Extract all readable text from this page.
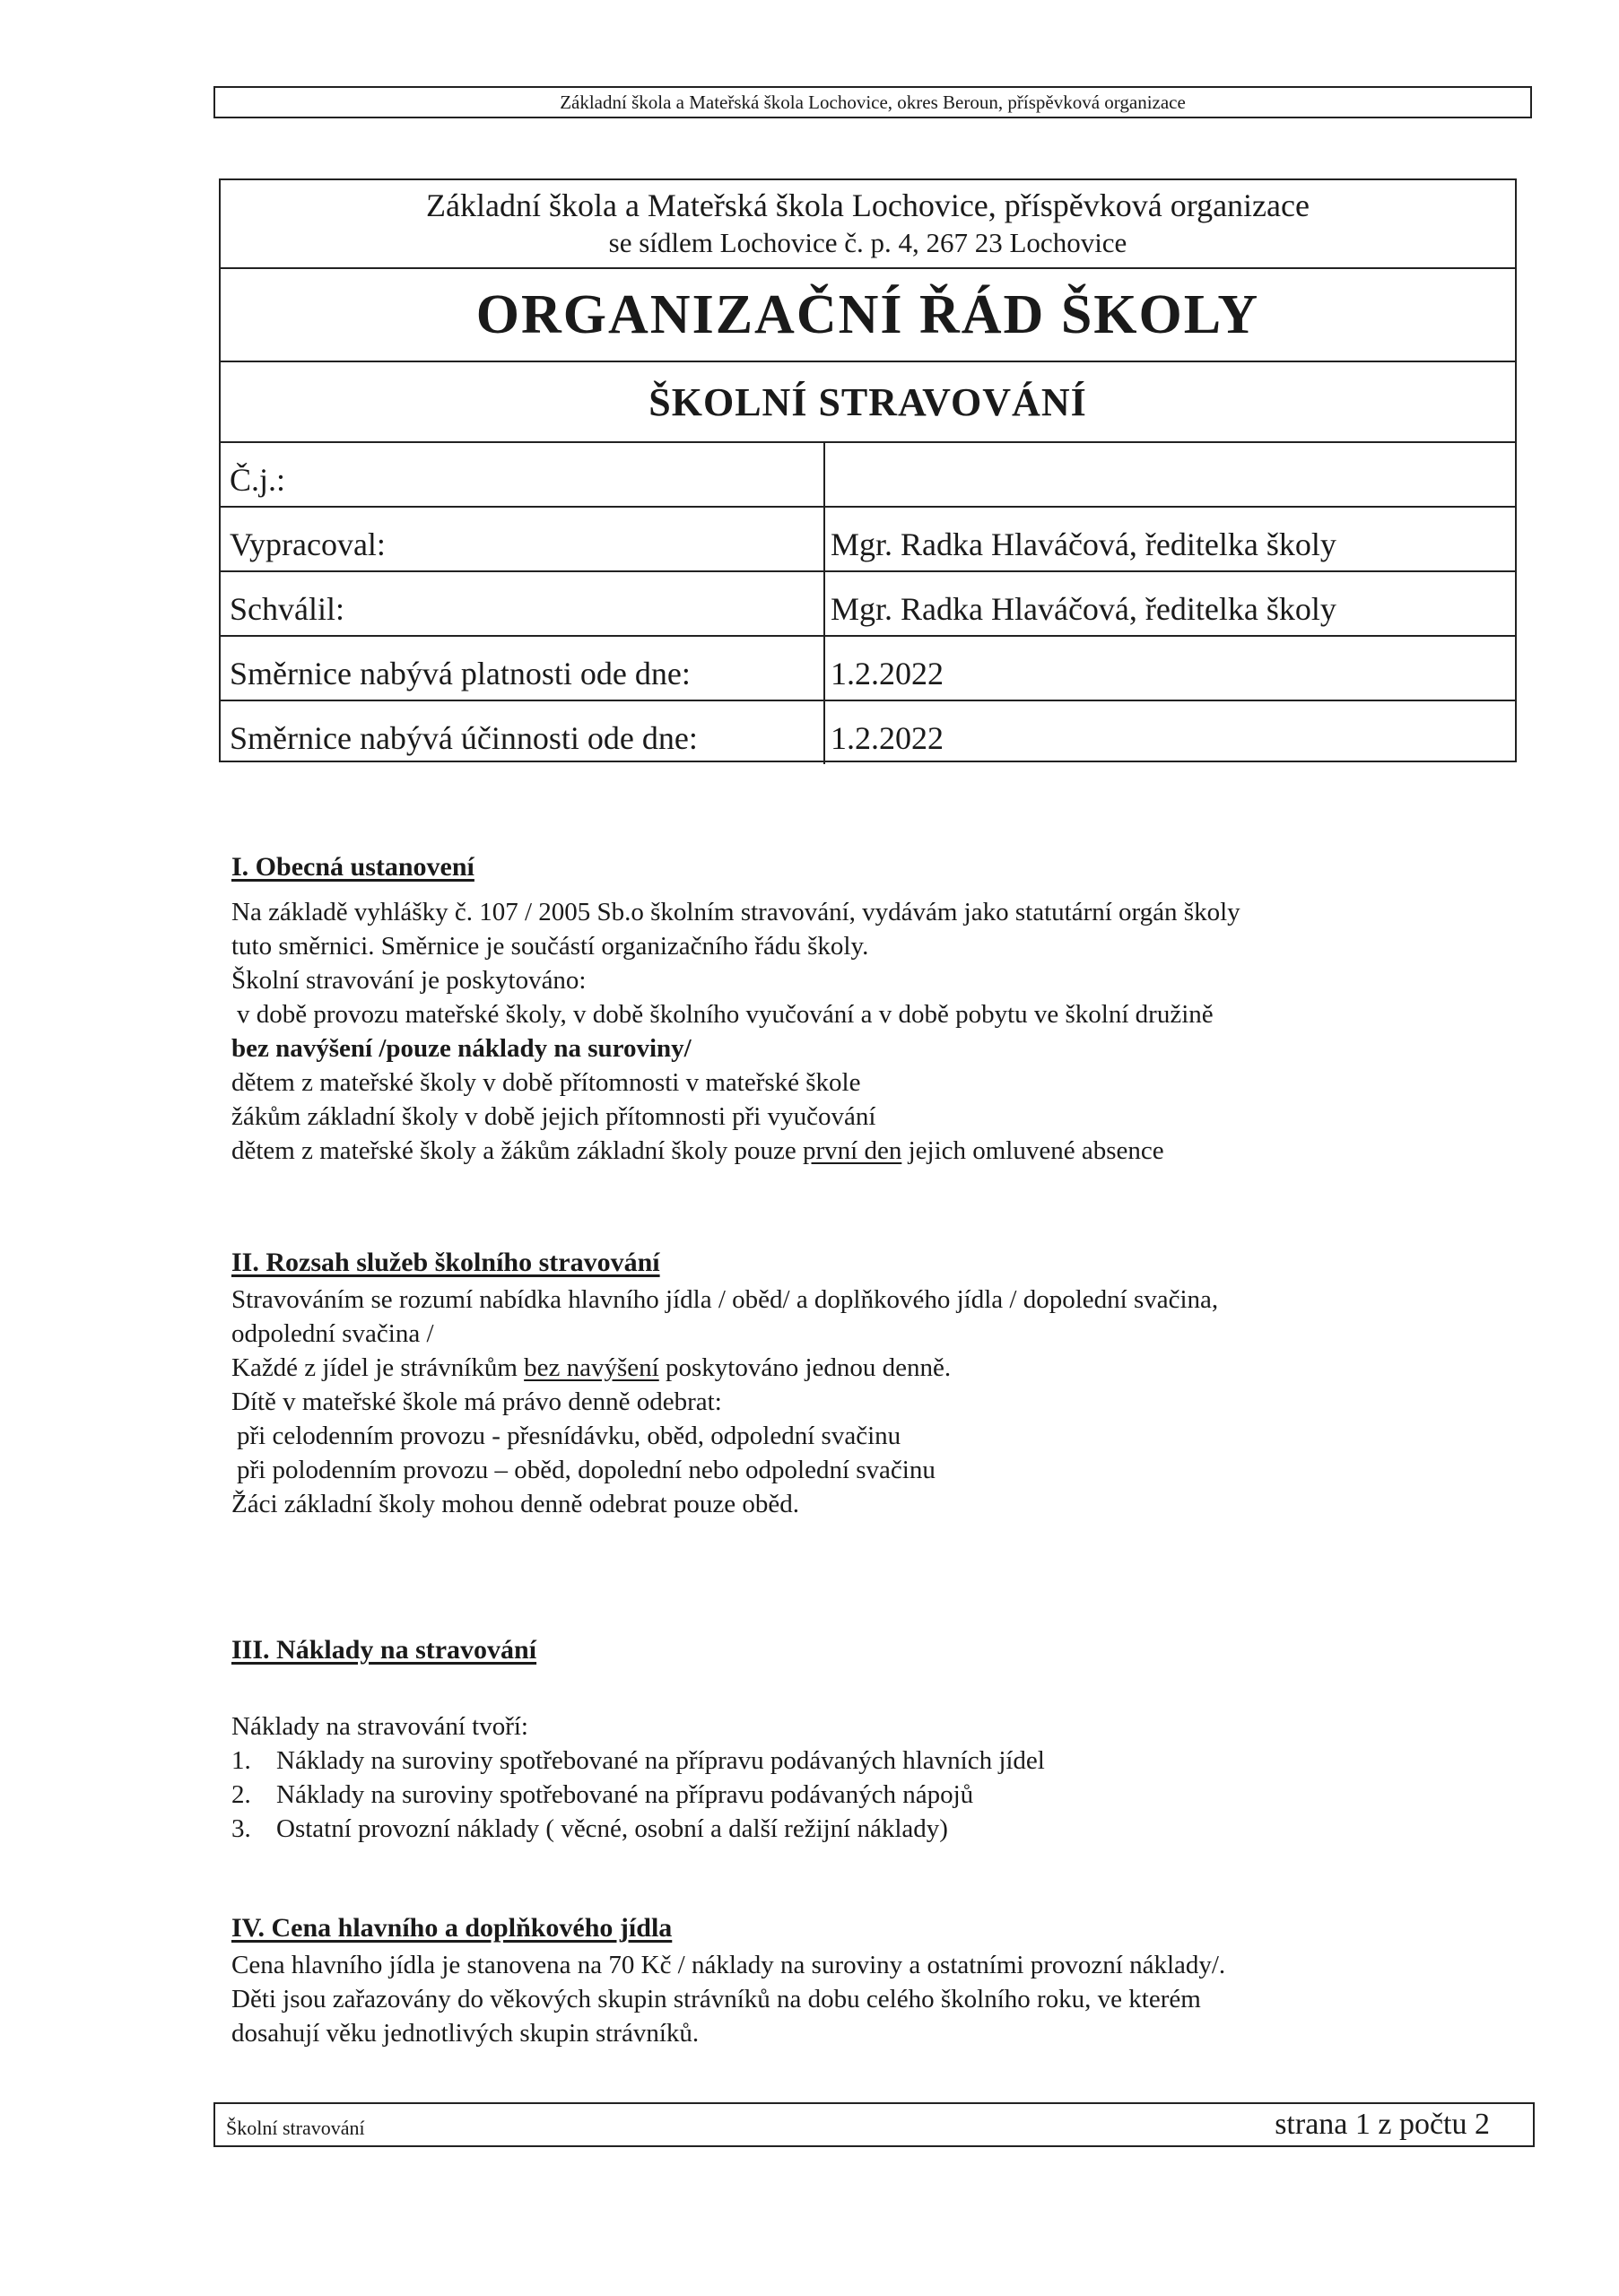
Základní škola a Mateřská škola Lochovice, okres Beroun, příspěvková organizace
Základní škola a Mateřská škola Lochovice, příspěvková organizace
se sídlem Lochovice č. p. 4, 267 23 Lochovice
ORGANIZAČNÍ ŘÁD ŠKOLY
ŠKOLNÍ STRAVOVÁNÍ
Č.j.:
Vypracoval:	Mgr. Radka Hlaváčová, ředitelka školy
Schválil:	Mgr. Radka Hlaváčová, ředitelka školy
Směrnice nabývá platnosti ode dne:	1.2.2022
Směrnice nabývá účinnosti ode dne:	1.2.2022
I. Obecná ustanovení
Na základě vyhlášky č. 107 / 2005 Sb.o školním stravování, vydávám jako statutární orgán školy
tuto směrnici. Směrnice je součástí organizačního řádu školy.
Školní stravování je poskytováno:
v době provozu mateřské školy, v době školního vyučování a v době pobytu ve školní družině
bez navýšení /pouze náklady na suroviny/
dětem z mateřské školy v době přítomnosti v mateřské škole
žákům základní školy v době jejich přítomnosti při vyučování
dětem z mateřské školy a žákům základní školy pouze první den jejich omluvené absence
II. Rozsah služeb školního stravování
Stravováním se rozumí nabídka hlavního jídla / oběd/ a doplňkového jídla / dopolední svačina,
odpolední svačina /
Každé z jídel je strávníkům bez navýšení poskytováno jednou denně.
Dítě v mateřské škole má právo denně odebrat:
při celodenním provozu - přesnídávku, oběd, odpolední svačinu
při polodenním provozu – oběd, dopolední nebo odpolední svačinu
Žáci základní školy mohou denně odebrat pouze oběd.
III. Náklady na stravování
Náklady na stravování tvoří:
1. Náklady na suroviny spotřebované na přípravu podávaných hlavních jídel
2. Náklady na suroviny spotřebované na přípravu podávaných nápojů
3. Ostatní provozní náklady ( věcné, osobní a další režijní náklady)
IV. Cena hlavního a doplňkového jídla
Cena hlavního jídla je stanovena na 70 Kč / náklady na suroviny a ostatními provozní náklady/.
Děti jsou zařazovány do věkových skupin strávníků na dobu celého školního roku, ve kterém
dosahují věku jednotlivých skupin strávníků.
Školní stravování	strana 1 z počtu 2
